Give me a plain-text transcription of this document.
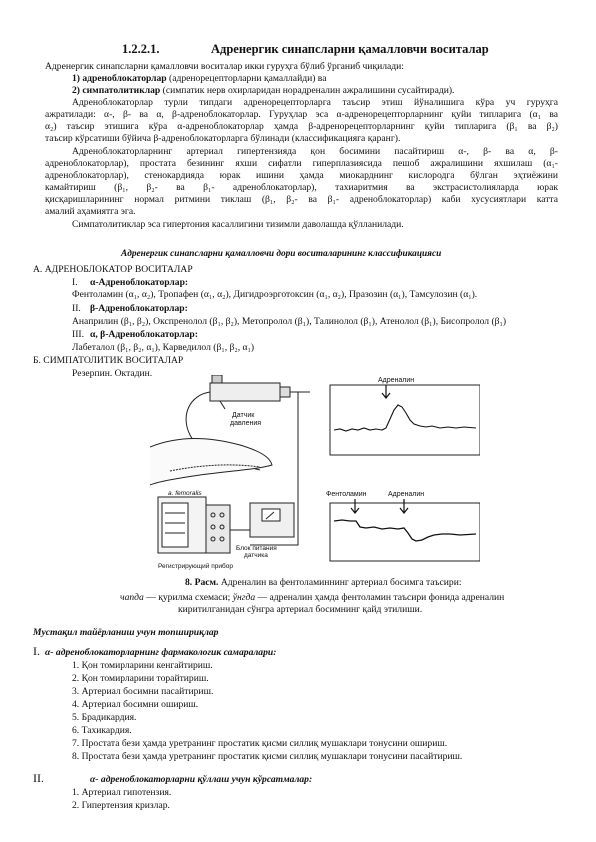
1.2.2.1.	Адренергик синапсларни қамалловчи воситалар
Адренергик синапсларни қамалловчи воситалар икки гуруҳга бўлиб ўрганиб чиқилади:
1) адреноблокаторлар (адренорецепторларни қамаллайди) ва
2) симпатолитиклар (симпатик нерв охирларидан норадреналин ажралишини сусайтиради).
Адреноблокаторлар турли типдаги адренорецепторларга таъсир этиш йўналишига кўра уч гуруҳга
ажратилади: α-, β- ва α, β-адреноблокаторлар. Гуруҳлар эса α-адренорецепторларнинг қуйи типларига (α₁ ва
α₂) таъсир этишига кўра α-адреноблокаторлар ҳамда β-адренорецепторларнинг қуйи типларига (β₁ ва β₂)
таъсир кўрсатиши бўйича β-адреноблокаторларга бўлинади (классификацияга қаранг).
Адреноблокаторларнинг артериал гипертензияда қон босимини пасайтириш α-, β- ва α, β-
адреноблокаторлар), простата безининг яхши сифатли гиперплазиясида пешоб ажралишини яхшилаш (α₁-
адреноблокаторлар), стенокардияда юрак ишини ҳамда миокарднинг кислородга бўлган эҳтиёжини
камайтириш (β₁, β₂- ва β₁- адреноблокаторлар), тахиаритмия ва экстрасистолияларда юрак
қисқаришларининг нормал ритмини тиклаш (β₁, β₂- ва β₁- адреноблокаторлар) каби хусусиятлари катта
амалий аҳамиятга эга.
Симпатолитиклар эса гипертония касаллигини тизимли даволашда қўлланилади.
Адренергик синапсларни қамалловчи дори воситаларининг классификацияси
А. АДРЕНОБЛОКАТОР ВОСИТАЛАР
I. α-Адреноблокаторлар:
Фентоламин (α₁, α₂), Тропафен (α₁, α₂), Дигидроэрготоксин (α₁, α₂), Празозин (α₁), Тамсулозин (α₁).
II. β-Адреноблокаторлар:
Анаприлин (β₁, β₂), Окспренолол (β₁, β₂), Метопролол (β₁), Талинолол (β₁), Атенолол (β₁), Бисопролол (β₁)
III. α, β-Адреноблокаторлар:
Лабеталол (β₁, β₂, α₁), Карведилол (β₁, β₂, α₁)
Б. СИМПАТОЛИТИК ВОСИТАЛАР
Резерпин. Октадин.
Датчик давления
a. femoralis
Блок питания датчика
Регистрирующий прибор
Адреналин
Фентоламин	Адреналин
8. Расм. Адреналин ва фентоламиннинг артериал босимга таъсири:
чапда — қурилма схемаси; ўнгда — адреналин ҳамда фентоламин таъсири фонида адреналин
киритилганидан сўнгра артериал босимнинг қайд этилиши.
Мустақил тайёрланиш учун топшириқлар
I. α- адреноблокаторларнинг фармакологик самаралари:
1. Қон томирларини кенгайтириш.
2. Қон томирларини торайтириш.
3. Артериал босимни пасайтириш.
4. Артериал босимни ошириш.
5. Брадикардия.
6. Тахикардия.
7. Простата бези ҳамда уретранинг простатик қисми силлиқ мушаклари тонусини ошириш.
8. Простата бези ҳамда уретранинг простатик қисми силлиқ мушаклари тонусини пасайтириш.
II.	α- адреноблокаторларни қўллаш учун кўрсатмалар:
1. Артериал гипотензия.
2. Гипертензия кризлар.
